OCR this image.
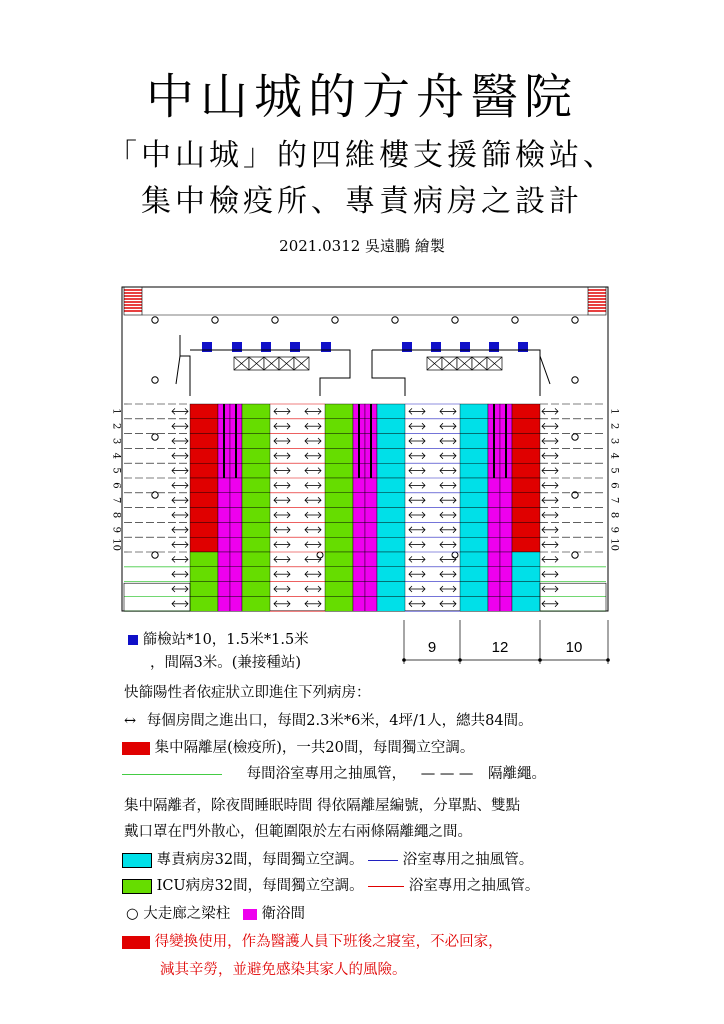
中山城的方舟醫院
「中山城」的四維樓支援篩檢站、
集中檢疫所、專責病房之設計
2021.0312 吳遠鵬 繪製
1	1
2	2
3	3
4	4
5	5
6	6
7	7
8	8
9	9
10	10
9	12	10
篩檢站*10，1.5米*1.5米
，間隔3米。(兼接種站)
快篩陽性者依症狀立即進住下列病房：
↔ 每個房間之進出口，每間2.3米*6米，4坪/1人，總共84間。
集中隔離屋(檢疫所)，一共20間，每間獨立空調。
每間浴室專用之抽風管， — — — 隔離繩。
集中隔離者，除夜間睡眠時間 得依隔離屋編號，分單點、雙點
戴口罩在門外散心，但範圍限於左右兩條隔離繩之間。
專責病房32間，每間獨立空調。	浴室專用之抽風管。
ICU病房32間，每間獨立空調。	浴室專用之抽風管。
○ 大走廊之梁柱 衛浴間
得變換使用，作為醫護人員下班後之寢室，不必回家，
減其辛勞，並避免感染其家人的風險。
